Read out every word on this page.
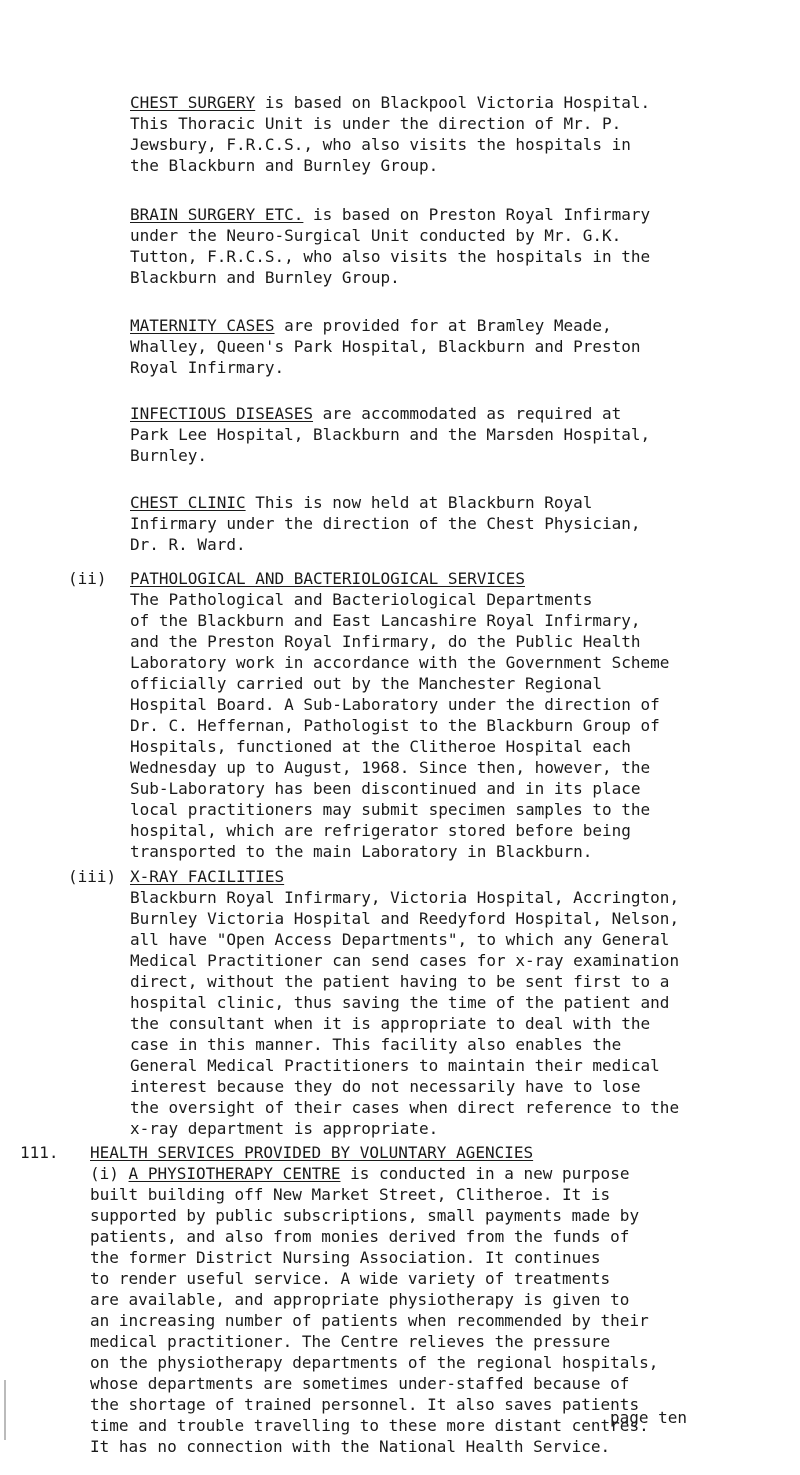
CHEST SURGERY is based on Blackpool Victoria Hospital.
This Thoracic Unit is under the direction of Mr. P.
Jewsbury, F.R.C.S., who also visits the hospitals in
the Blackburn and Burnley Group.

BRAIN SURGERY ETC. is based on Preston Royal Infirmary
under the Neuro-Surgical Unit conducted by Mr. G.K.
Tutton, F.R.C.S., who also visits the hospitals in the
Blackburn and Burnley Group.

MATERNITY CASES are provided for at Bramley Meade,
Whalley, Queen's Park Hospital, Blackburn and Preston
Royal Infirmary.

INFECTIOUS DISEASES are accommodated as required at
Park Lee Hospital, Blackburn and the Marsden Hospital,
Burnley.

CHEST CLINIC This is now held at Blackburn Royal
Infirmary under the direction of the Chest Physician,
Dr. R. Ward.

(ii) PATHOLOGICAL AND BACTERIOLOGICAL SERVICES
The Pathological and Bacteriological Departments
of the Blackburn and East Lancashire Royal Infirmary,
and the Preston Royal Infirmary, do the Public Health
Laboratory work in accordance with the Government Scheme
officially carried out by the Manchester Regional
Hospital Board. A Sub-Laboratory under the direction of
Dr. C. Heffernan, Pathologist to the Blackburn Group of
Hospitals, functioned at the Clitheroe Hospital each
Wednesday up to August, 1968. Since then, however, the
Sub-Laboratory has been discontinued and in its place
local practitioners may submit specimen samples to the
hospital, which are refrigerator stored before being
transported to the main Laboratory in Blackburn.

(iii) X-RAY FACILITIES
Blackburn Royal Infirmary, Victoria Hospital, Accrington,
Burnley Victoria Hospital and Reedyford Hospital, Nelson,
all have "Open Access Departments", to which any General
Medical Practitioner can send cases for x-ray examination
direct, without the patient having to be sent first to a
hospital clinic, thus saving the time of the patient and
the consultant when it is appropriate to deal with the
case in this manner. This facility also enables the
General Medical Practitioners to maintain their medical
interest because they do not necessarily have to lose
the oversight of their cases when direct reference to the
x-ray department is appropriate.

111. HEALTH SERVICES PROVIDED BY VOLUNTARY AGENCIES
(i) A PHYSIOTHERAPY CENTRE is conducted in a new purpose
built building off New Market Street, Clitheroe. It is
supported by public subscriptions, small payments made by
patients, and also from monies derived from the funds of
the former District Nursing Association. It continues
to render useful service. A wide variety of treatments
are available, and appropriate physiotherapy is given to
an increasing number of patients when recommended by their
medical practitioner. The Centre relieves the pressure
on the physiotherapy departments of the regional hospitals,
whose departments are sometimes under-staffed because of
the shortage of trained personnel. It also saves patients
time and trouble travelling to these more distant centres.
It has no connection with the National Health Service.

page ten
